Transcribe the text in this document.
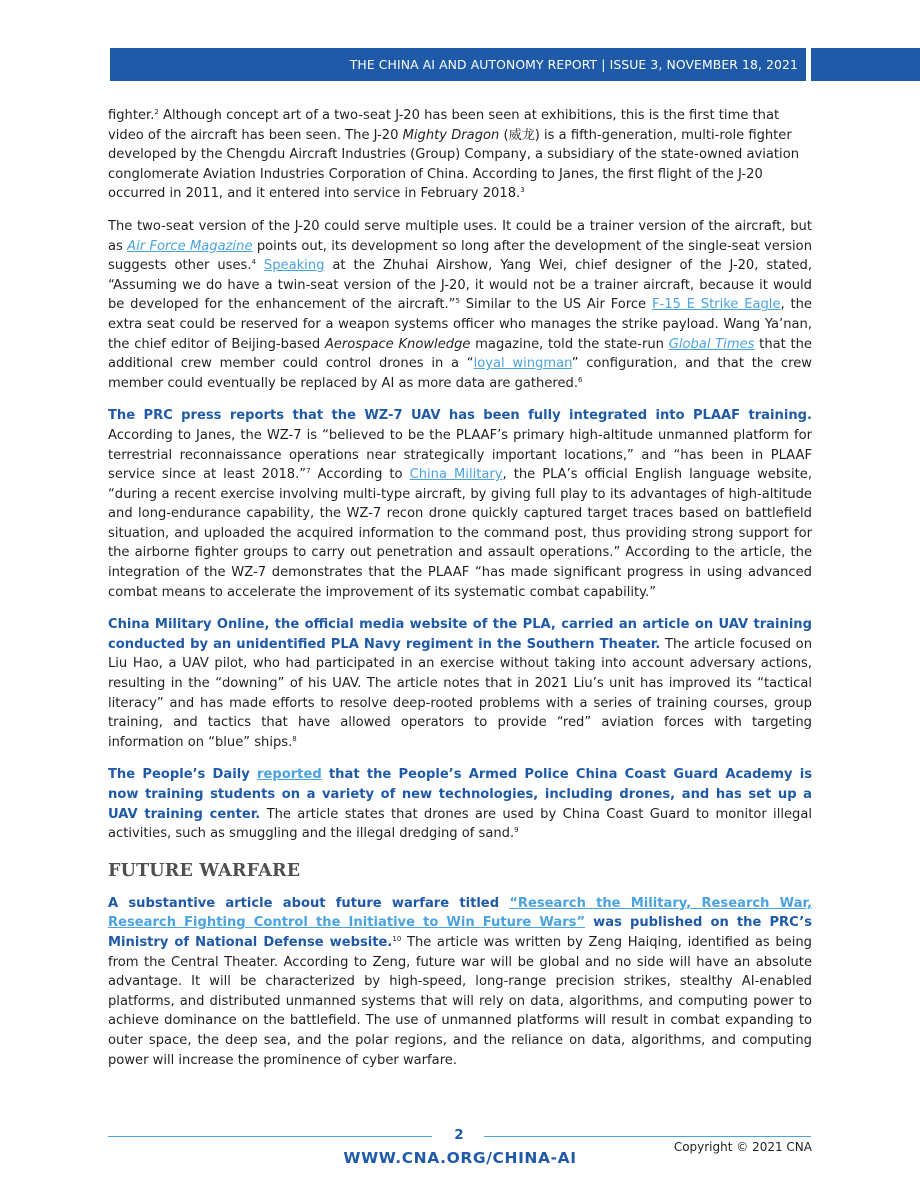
THE CHINA AI AND AUTONOMY REPORT | ISSUE 3, NOVEMBER 18, 2021

fighter.$^2$ Although concept art of a two-seat J-20 has been seen at exhibitions, this is the first time that video of the aircraft has been seen. The J-20 Mighty Dragon (威龙) is a fifth-generation, multi-role fighter developed by the Chengdu Aircraft Industries (Group) Company, a subsidiary of the state-owned aviation conglomerate Aviation Industries Corporation of China. According to Janes, the first flight of the J-20 occurred in 2011, and it entered into service in February 2018.$^3$

The two-seat version of the J-20 could serve multiple uses. It could be a trainer version of the aircraft, but as Air Force Magazine points out, its development so long after the development of the single-seat version suggests other uses.$^4$ Speaking at the Zhuhai Airshow, Yang Wei, chief designer of the J-20, stated, “Assuming we do have a twin-seat version of the J-20, it would not be a trainer aircraft, because it would be developed for the enhancement of the aircraft.”$^5$ Similar to the US Air Force F-15 E Strike Eagle, the extra seat could be reserved for a weapon systems officer who manages the strike payload. Wang Ya’nan, the chief editor of Beijing-based Aerospace Knowledge magazine, told the state-run Global Times that the additional crew member could control drones in a “loyal wingman” configuration, and that the crew member could eventually be replaced by AI as more data are gathered.$^6$

The PRC press reports that the WZ-7 UAV has been fully integrated into PLAAF training. According to Janes, the WZ-7 is “believed to be the PLAAF’s primary high-altitude unmanned platform for terrestrial reconnaissance operations near strategically important locations,” and “has been in PLAAF service since at least 2018.”$^7$ According to China Military, the PLA’s official English language website, “during a recent exercise involving multi-type aircraft, by giving full play to its advantages of high-altitude and long-endurance capability, the WZ-7 recon drone quickly captured target traces based on battlefield situation, and uploaded the acquired information to the command post, thus providing strong support for the airborne fighter groups to carry out penetration and assault operations.” According to the article, the integration of the WZ-7 demonstrates that the PLAAF “has made significant progress in using advanced combat means to accelerate the improvement of its systematic combat capability.”

China Military Online, the official media website of the PLA, carried an article on UAV training conducted by an unidentified PLA Navy regiment in the Southern Theater. The article focused on Liu Hao, a UAV pilot, who had participated in an exercise without taking into account adversary actions, resulting in the “downing” of his UAV. The article notes that in 2021 Liu’s unit has improved its “tactical literacy” and has made efforts to resolve deep-rooted problems with a series of training courses, group training, and tactics that have allowed operators to provide “red” aviation forces with targeting information on “blue” ships.$^8$

The People’s Daily reported that the People’s Armed Police China Coast Guard Academy is now training students on a variety of new technologies, including drones, and has set up a UAV training center. The article states that drones are used by China Coast Guard to monitor illegal activities, such as smuggling and the illegal dredging of sand.$^9$

FUTURE WARFARE

A substantive article about future warfare titled “Research the Military, Research War, Research Fighting Control the Initiative to Win Future Wars” was published on the PRC’s Ministry of National Defense website.$^{10}$ The article was written by Zeng Haiqing, identified as being from the Central Theater. According to Zeng, future war will be global and no side will have an absolute advantage. It will be characterized by high-speed, long-range precision strikes, stealthy AI-enabled platforms, and distributed unmanned systems that will rely on data, algorithms, and computing power to achieve dominance on the battlefield. The use of unmanned platforms will result in combat expanding to outer space, the deep sea, and the polar regions, and the reliance on data, algorithms, and computing power will increase the prominence of cyber warfare.

2
WWW.CNA.ORG/CHINA-AI
Copyright © 2021 CNA
